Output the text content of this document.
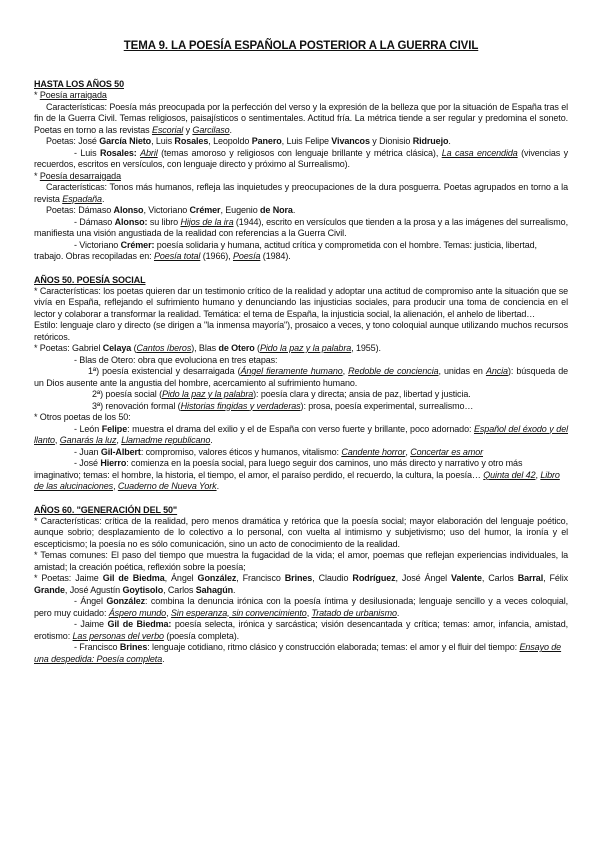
TEMA 9. LA POESÍA ESPAÑOLA POSTERIOR A LA GUERRA CIVIL
HASTA LOS AÑOS 50

* Poesía arraigada

Características: Poesía más preocupada por la perfección del verso y la expresión de la belleza que por la situación de España tras el fin de la Guerra Civil. Temas religiosos, paisajísticos o sentimentales. Actitud fría. La métrica tiende a ser regular y predomina el soneto. Poetas en torno a las revistas Escorial y Garcilaso.

Poetas: José García Nieto, Luis Rosales, Leopoldo Panero, Luis Felipe Vivancos y Dionisio Ridruejo.

- Luis Rosales: Abril (temas amoroso y religiosos con lenguaje brillante y métrica clásica), La casa encendida (vivencias y recuerdos, escritos en versículos, con lenguaje directo y próximo al Surrealismo).

* Poesía desarraigada

Características: Tonos más humanos, refleja las inquietudes y preocupaciones de la dura posguerra. Poetas agrupados en torno a la revista Espadaña.

Poetas: Dámaso Alonso, Victoriano Crémer, Eugenio de Nora.

- Dámaso Alonso: su libro Hijos de la ira (1944), escrito en versículos que tienden a la prosa y a las imágenes del surrealismo, manifiesta una visión angustiada de la realidad con referencias a la Guerra Civil.

- Victoriano Crémer: poesía solidaria y humana, actitud crítica y comprometida con el hombre. Temas: justicia, libertad, trabajo. Obras recopiladas en: Poesía total (1966), Poesía (1984).

AÑOS 50. POESÍA SOCIAL

* Características: los poetas quieren dar un testimonio crítico de la realidad y adoptar una actitud de compromiso ante la situación que se vivía en España, reflejando el sufrimiento humano y denunciando las injusticias sociales, para producir una toma de conciencia en el lector y colaborar a transformar la realidad. Temática: el tema de España, la injusticia social, la alienación, el anhelo de libertad…

Estilo: lenguaje claro y directo (se dirigen a "la inmensa mayoría"), prosaico a veces, y tono coloquial aunque utilizando muchos recursos retóricos.

* Poetas: Gabriel Celaya (Cantos íberos), Blas de Otero (Pido la paz y la palabra, 1955).

- Blas de Otero: obra que evoluciona en tres etapas:

1ª) poesía existencial y desarraigada (Ángel fieramente humano, Redoble de conciencia, unidas en Ancia): búsqueda de un Dios ausente ante la angustia del hombre, acercamiento al sufrimiento humano.

2ª) poesía social (Pido la paz y la palabra): poesía clara y directa; ansia de paz, libertad y justicia.

3ª) renovación formal (Historias fingidas y verdaderas): prosa, poesía experimental, surrealismo…

* Otros poetas de los 50:

- León Felipe: muestra el drama del exilio y el de España con verso fuerte y brillante, poco adornado: Español del éxodo y del llanto, Ganarás la luz, Llamadme republicano.

- Juan Gil-Albert: compromiso, valores éticos y humanos, vitalismo: Candente horror, Concertar es amor

- José Hierro: comienza en la poesía social, para luego seguir dos caminos, uno más directo y narrativo y otro más imaginativo; temas: el hombre, la historia, el tiempo, el amor, el paraíso perdido, el recuerdo, la cultura, la poesía… Quinta del 42, Libro de las alucinaciones, Cuaderno de Nueva York.

AÑOS 60. "GENERACIÓN DEL 50"

* Características: crítica de la realidad, pero menos dramática y retórica que la poesía social; mayor elaboración del lenguaje poético, aunque sobrio; desplazamiento de lo colectivo a lo personal, con vuelta al intimismo y subjetivismo; uso del humor, la ironía y el escepticismo; la poesía no es sólo comunicación, sino un acto de conocimiento de la realidad.

* Temas comunes: El paso del tiempo que muestra la fugacidad de la vida; el amor, poemas que reflejan experiencias individuales, la amistad; la creación poética, reflexión sobre la poesía;

* Poetas: Jaime Gil de Biedma, Ángel González, Francisco Brines, Claudio Rodríguez, José Ángel Valente, Carlos Barral, Félix Grande, José Agustín Goytisolo, Carlos Sahagún.

- Ángel González: combina la denuncia irónica con la poesía íntima y desilusionada; lenguaje sencillo y a veces coloquial, pero muy cuidado: Áspero mundo, Sin esperanza, sin convencimiento, Tratado de urbanismo.

- Jaime Gil de Biedma: poesía selecta, irónica y sarcástica; visión desencantada y crítica; temas: amor, infancia, amistad, erotismo: Las personas del verbo (poesía completa).

- Francisco Brines: lenguaje cotidiano, ritmo clásico y construcción elaborada; temas: el amor y el fluir del tiempo: Ensayo de una despedida: Poesía completa.
